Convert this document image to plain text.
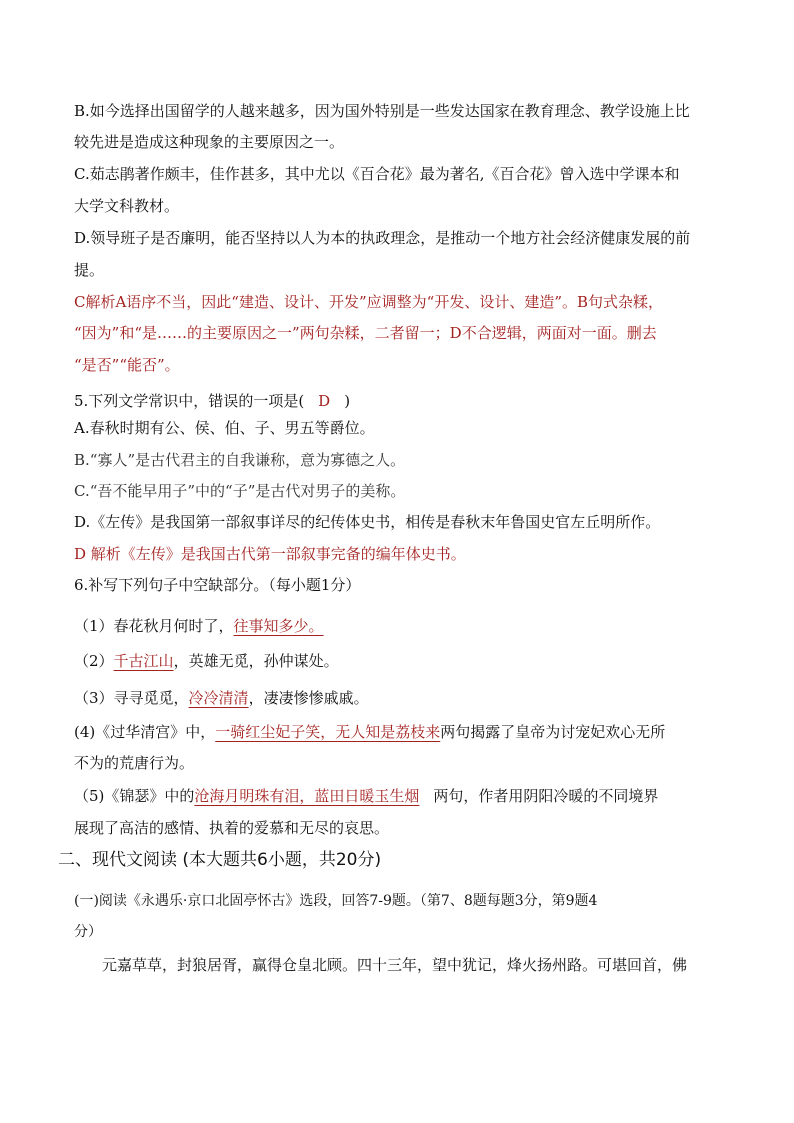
B.如今选择出国留学的人越来越多，因为国外特别是一些发达国家在教育理念、教学设施上比
较先进是造成这种现象的主要原因之一。
C.茹志鹃著作颇丰，佳作甚多，其中尤以《百合花》最为著名,《百合花》曾入选中学课本和
大学文科教材。
D.领导班子是否廉明，能否坚持以人为本的执政理念，是推动一个地方社会经济健康发展的前
提。
C解析A语序不当，因此“建造、设计、开发”应调整为“开发、设计、建造”。B句式杂糅，
“因为”和“是……的主要原因之一”两句杂糅，二者留一；D不合逻辑，两面对一面。删去
“是否”“能否”。
5.下列文学常识中，错误的一项是( D )
A.春秋时期有公、侯、伯、子、男五等爵位。
B.“寡人”是古代君主的自我谦称，意为寡德之人。
C.“吾不能早用子”中的“子”是古代对男子的美称。
D.《左传》是我国第一部叙事详尽的纪传体史书，相传是春秋末年鲁国史官左丘明所作。
D 解析《左传》是我国古代第一部叙事完备的编年体史书。
6.补写下列句子中空缺部分。（每小题1分）
（1）春花秋月何时了，往事知多少。
（2）千古江山，英雄无觅，孙仲谋处。
（3）寻寻觅觅，冷冷清清，凄凄惨惨戚戚。
(4)《过华清宫》中，一骑红尘妃子笑，无人知是荔枝来两句揭露了皇帝为讨宠妃欢心无所
不为的荒唐行为。
（5)《锦瑟》中的沧海月明珠有泪，蓝田日暖玉生烟 两句，作者用阴阳冷暖的不同境界
展现了高洁的感情、执着的爱慕和无尽的哀思。
二、现代文阅读 (本大题共6小题，共20分)
(一)阅读《永遇乐·京口北固亭怀古》选段，回答7-9题。（第7、8题每题3分，第9题4
分）
元嘉草草，封狼居胥，赢得仓皇北顾。四十三年，望中犹记，烽火扬州路。可堪回首，佛
